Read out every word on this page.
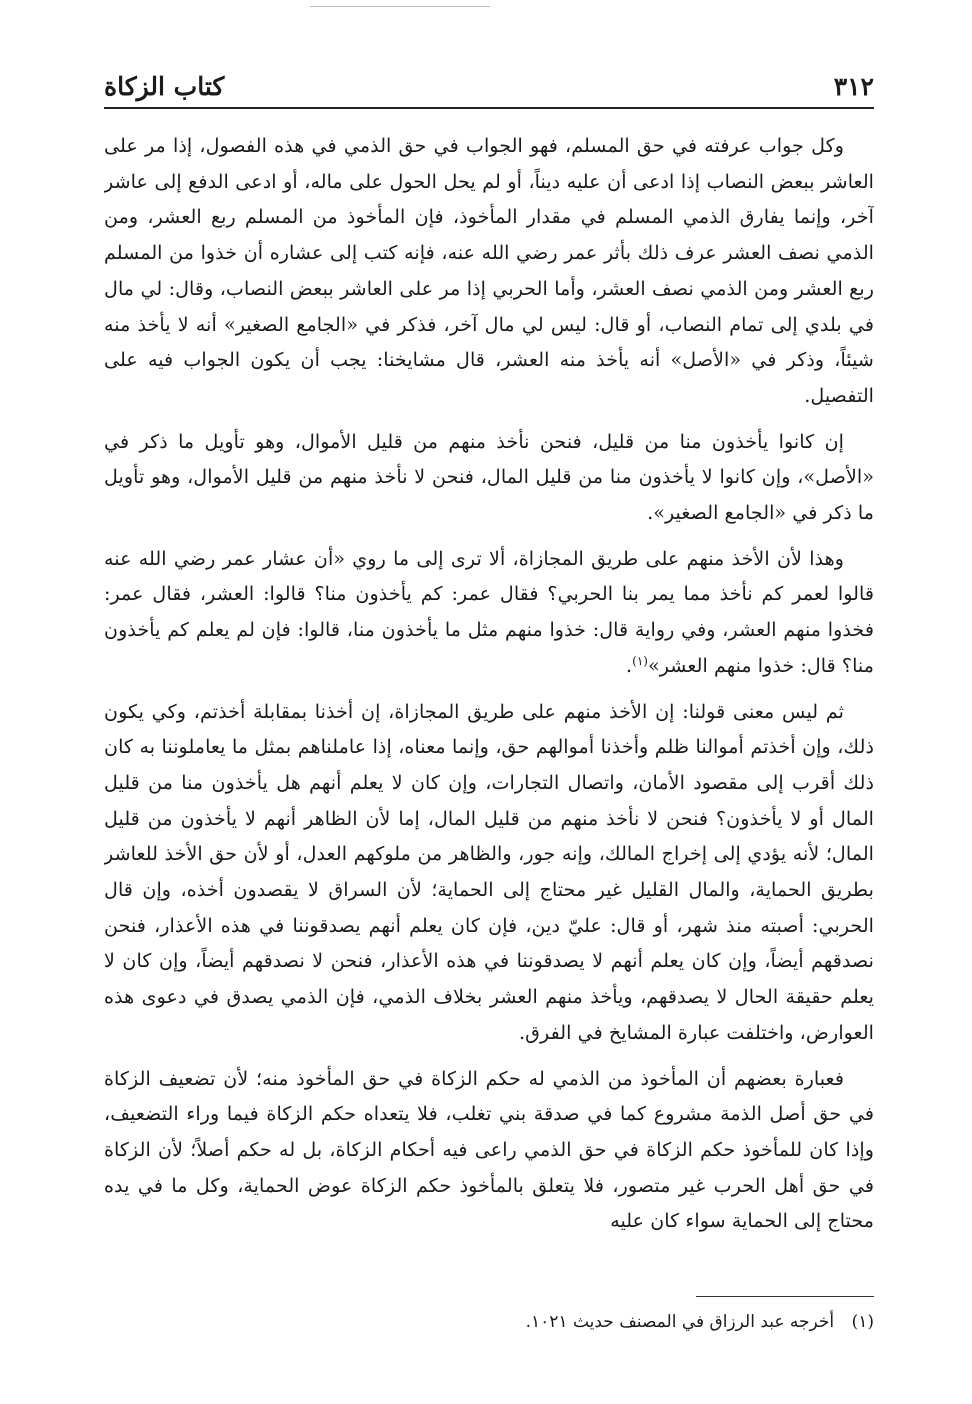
٣١٢
كتاب الزكاة

وكل جواب عرفته في حق المسلم، فهو الجواب في حق الذمي في هذه الفصول، إذا مر على العاشر ببعض النصاب إذا ادعى أن عليه ديناً، أو لم يحل الحول على ماله، أو ادعى الدفع إلى عاشر آخر، وإنما يفارق الذمي المسلم في مقدار المأخوذ، فإن المأخوذ من المسلم ربع العشر، ومن الذمي نصف العشر عرف ذلك بأثر عمر رضي الله عنه، فإنه كتب إلى عشاره أن خذوا من المسلم ربع العشر ومن الذمي نصف العشر، وأما الحربي إذا مر على العاشر ببعض النصاب، وقال: لي مال في بلدي إلى تمام النصاب، أو قال: ليس لي مال آخر، فذكر في «الجامع الصغير» أنه لا يأخذ منه شيئاً، وذكر في «الأصل» أنه يأخذ منه العشر، قال مشايخنا: يجب أن يكون الجواب فيه على التفصيل.

إن كانوا يأخذون منا من قليل، فنحن نأخذ منهم من قليل الأموال، وهو تأويل ما ذكر في «الأصل»، وإن كانوا لا يأخذون منا من قليل المال، فنحن لا نأخذ منهم من قليل الأموال، وهو تأويل ما ذكر في «الجامع الصغير».

وهذا لأن الأخذ منهم على طريق المجازاة، ألا ترى إلى ما روي «أن عشار عمر رضي الله عنه قالوا لعمر كم نأخذ مما يمر بنا الحربي؟ فقال عمر: كم يأخذون منا؟ قالوا: العشر، فقال عمر: فخذوا منهم العشر، وفي رواية قال: خذوا منهم مثل ما يأخذون منا، قالوا: فإن لم يعلم كم يأخذون منا؟ قال: خذوا منهم العشر»$^{(١)}$.

ثم ليس معنى قولنا: إن الأخذ منهم على طريق المجازاة، إن أخذنا بمقابلة أخذتم، وكي يكون ذلك، وإن أخذتم أموالنا ظلم وأخذنا أموالهم حق، وإنما معناه، إذا عاملناهم بمثل ما يعاملوننا به كان ذلك أقرب إلى مقصود الأمان، واتصال التجارات، وإن كان لا يعلم أنهم هل يأخذون منا من قليل المال أو لا يأخذون؟ فنحن لا نأخذ منهم من قليل المال، إما لأن الظاهر أنهم لا يأخذون من قليل المال؛ لأنه يؤدي إلى إخراج المالك، وإنه جور، والظاهر من ملوكهم العدل، أو لأن حق الأخذ للعاشر بطريق الحماية، والمال القليل غير محتاج إلى الحماية؛ لأن السراق لا يقصدون أخذه، وإن قال الحربي: أصبته منذ شهر، أو قال: عليّ دين، فإن كان يعلم أنهم يصدقوننا في هذه الأعذار، فنحن نصدقهم أيضاً، وإن كان يعلم أنهم لا يصدقوننا في هذه الأعذار، فنحن لا نصدقهم أيضاً، وإن كان لا يعلم حقيقة الحال لا يصدقهم، ويأخذ منهم العشر بخلاف الذمي، فإن الذمي يصدق في دعوى هذه العوارض، واختلفت عبارة المشايخ في الفرق.

فعبارة بعضهم أن المأخوذ من الذمي له حكم الزكاة في حق المأخوذ منه؛ لأن تضعيف الزكاة في حق أصل الذمة مشروع كما في صدقة بني تغلب، فلا يتعداه حكم الزكاة فيما وراء التضعيف، وإذا كان للمأخوذ حكم الزكاة في حق الذمي راعى فيه أحكام الزكاة، بل له حكم أصلاً؛ لأن الزكاة في حق أهل الحرب غير متصور، فلا يتعلق بالمأخوذ حكم الزكاة عوض الحماية، وكل ما في يده محتاج إلى الحماية سواء كان عليه

(١) أخرجه عبد الرزاق في المصنف حديث ١٠٢١.
